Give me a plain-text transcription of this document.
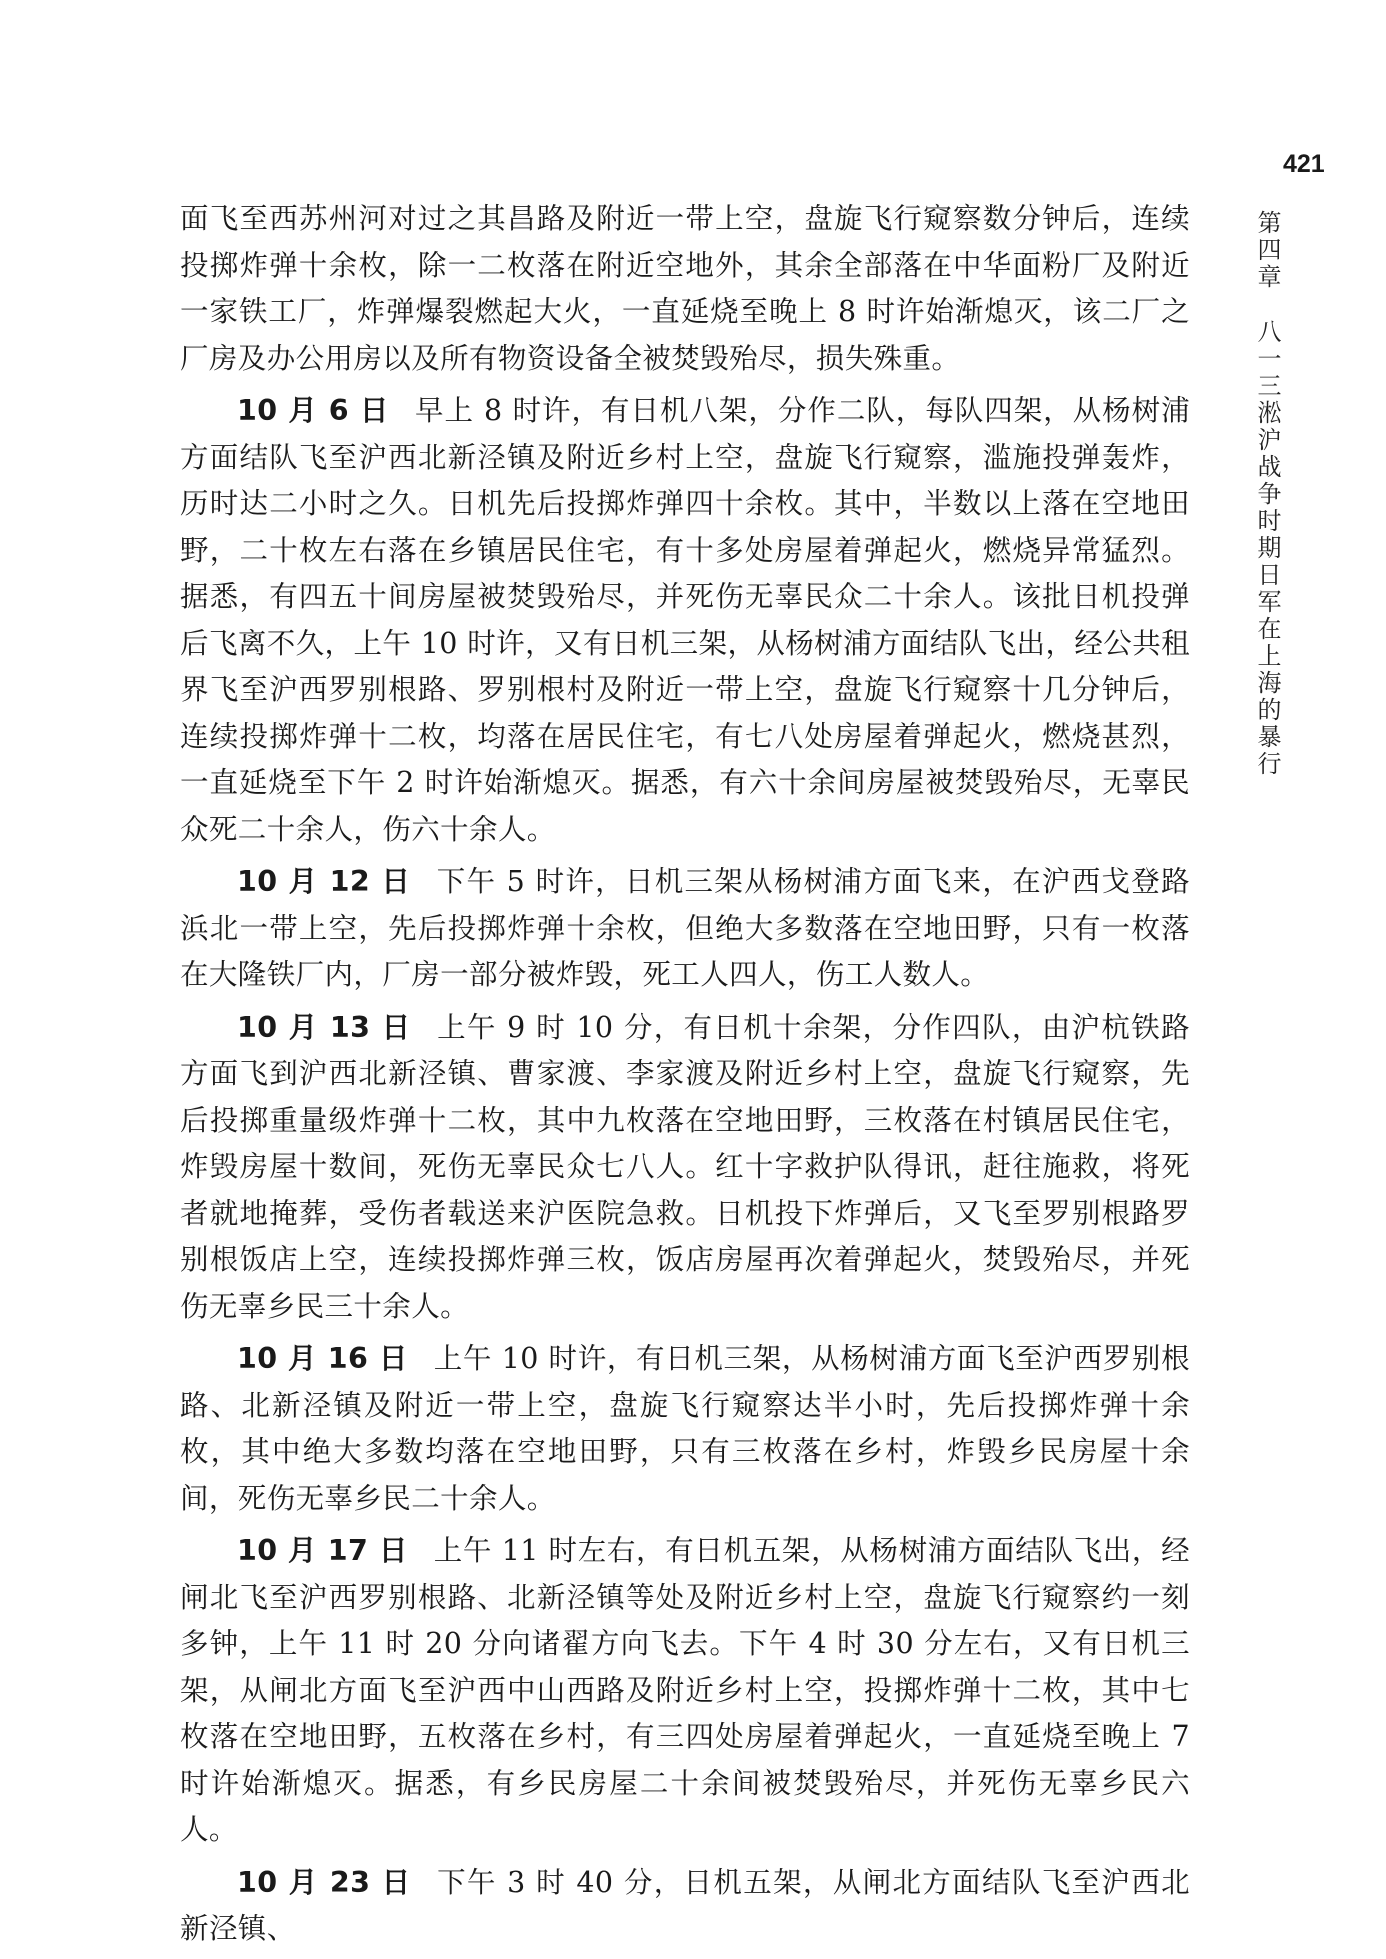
421
第四章八一三淞沪战争时期日军在上海的暴行

面飞至西苏州河对过之其昌路及附近一带上空，盘旋飞行窥察数分钟后，连续投掷炸弹十余枚，除一二枚落在附近空地外，其余全部落在中华面粉厂及附近一家铁工厂，炸弹爆裂燃起大火，一直延烧至晚上 8 时许始渐熄灭，该二厂之厂房及办公用房以及所有物资设备全被焚毁殆尽，损失殊重。

10 月 6 日 早上 8 时许，有日机八架，分作二队，每队四架，从杨树浦方面结队飞至沪西北新泾镇及附近乡村上空，盘旋飞行窥察，滥施投弹轰炸，历时达二小时之久。日机先后投掷炸弹四十余枚。其中，半数以上落在空地田野，二十枚左右落在乡镇居民住宅，有十多处房屋着弹起火，燃烧异常猛烈。据悉，有四五十间房屋被焚毁殆尽，并死伤无辜民众二十余人。该批日机投弹后飞离不久，上午 10 时许，又有日机三架，从杨树浦方面结队飞出，经公共租界飞至沪西罗别根路、罗别根村及附近一带上空，盘旋飞行窥察十几分钟后，连续投掷炸弹十二枚，均落在居民住宅，有七八处房屋着弹起火，燃烧甚烈，一直延烧至下午 2 时许始渐熄灭。据悉，有六十余间房屋被焚毁殆尽，无辜民众死二十余人，伤六十余人。

10 月 12 日 下午 5 时许，日机三架从杨树浦方面飞来，在沪西戈登路浜北一带上空，先后投掷炸弹十余枚，但绝大多数落在空地田野，只有一枚落在大隆铁厂内，厂房一部分被炸毁，死工人四人，伤工人数人。

10 月 13 日 上午 9 时 10 分，有日机十余架，分作四队，由沪杭铁路方面飞到沪西北新泾镇、曹家渡、李家渡及附近乡村上空，盘旋飞行窥察，先后投掷重量级炸弹十二枚，其中九枚落在空地田野，三枚落在村镇居民住宅，炸毁房屋十数间，死伤无辜民众七八人。红十字救护队得讯，赶往施救，将死者就地掩葬，受伤者载送来沪医院急救。日机投下炸弹后，又飞至罗别根路罗别根饭店上空，连续投掷炸弹三枚，饭店房屋再次着弹起火，焚毁殆尽，并死伤无辜乡民三十余人。

10 月 16 日 上午 10 时许，有日机三架，从杨树浦方面飞至沪西罗别根路、北新泾镇及附近一带上空，盘旋飞行窥察达半小时，先后投掷炸弹十余枚，其中绝大多数均落在空地田野，只有三枚落在乡村，炸毁乡民房屋十余间，死伤无辜乡民二十余人。

10 月 17 日 上午 11 时左右，有日机五架，从杨树浦方面结队飞出，经闸北飞至沪西罗别根路、北新泾镇等处及附近乡村上空，盘旋飞行窥察约一刻多钟，上午 11 时 20 分向诸翟方向飞去。下午 4 时 30 分左右，又有日机三架，从闸北方面飞至沪西中山西路及附近乡村上空，投掷炸弹十二枚，其中七枚落在空地田野，五枚落在乡村，有三四处房屋着弹起火，一直延烧至晚上 7 时许始渐熄灭。据悉，有乡民房屋二十余间被焚毁殆尽，并死伤无辜乡民六人。

10 月 23 日 下午 3 时 40 分，日机五架，从闸北方面结队飞至沪西北新泾镇、
